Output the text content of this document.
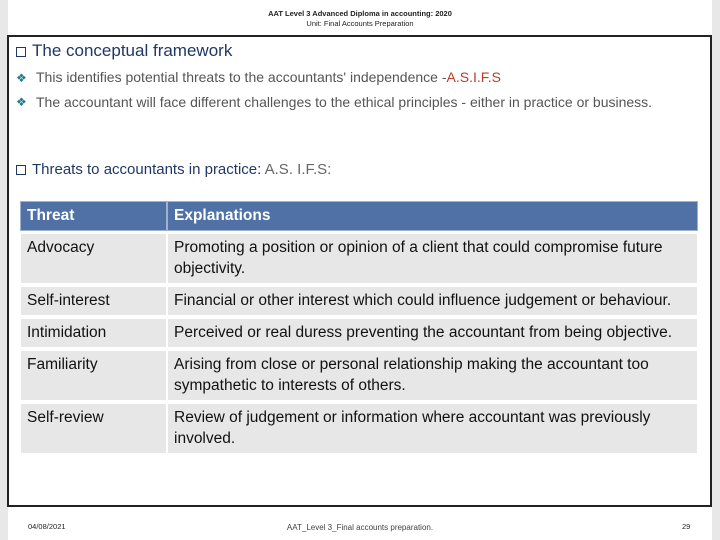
AAT Level 3 Advanced Diploma in accounting: 2020
Unit: Final Accounts Preparation
The conceptual framework
❖ This identifies potential threats to the accountants' independence -A.S.I.F.S
❖ The accountant will face different challenges to the ethical principles - either in practice or business.
Threats to accountants in practice: A.S. I.F.S:
Threat	Explanations
Advocacy	Promoting a position or opinion of a client that could compromise future objectivity.
Self-interest	Financial or other interest which could influence judgement or behaviour.
Intimidation	Perceived or real duress preventing the accountant from being objective.
Familiarity	Arising from close or personal relationship making the accountant too sympathetic to interests of others.
Self-review	Review of judgement or information where accountant was previously involved.
04/08/2021	AAT_Level 3_Final accounts preparation.	29
